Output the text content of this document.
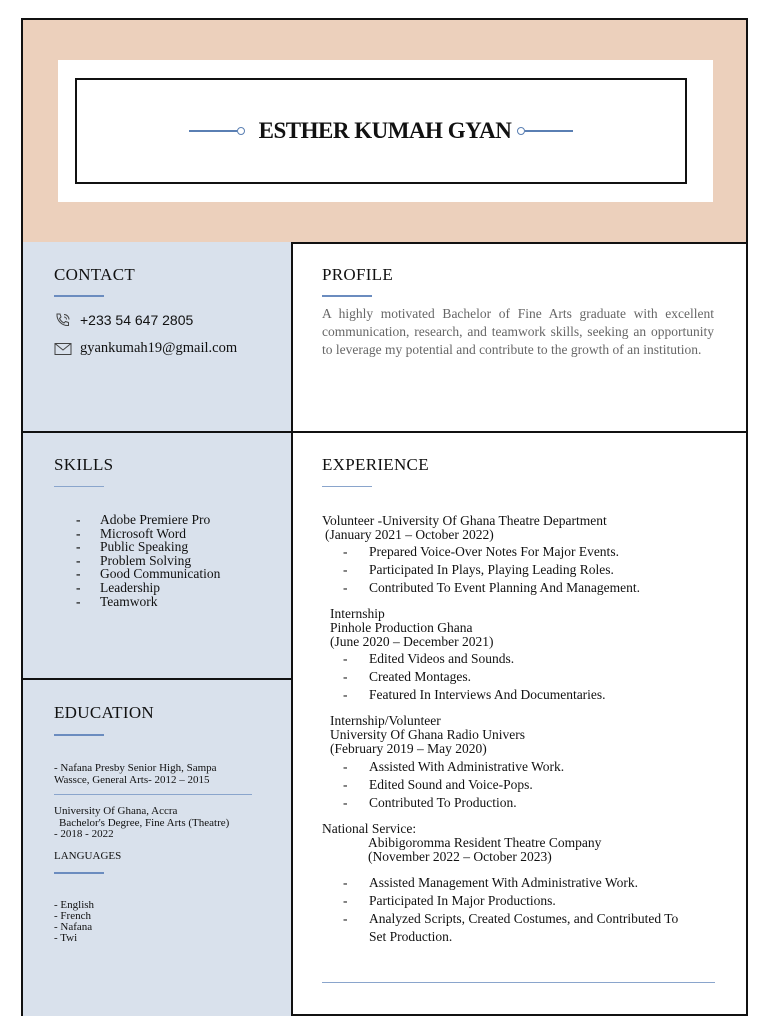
ESTHER KUMAH GYAN
CONTACT
+233 54 647 2805
gyankumah19@gmail.com
PROFILE
A highly motivated Bachelor of Fine Arts graduate with excellent communication, research, and teamwork skills, seeking an opportunity to leverage my potential and contribute to the growth of an institution.
SKILLS
-	Adobe Premiere Pro
-	Microsoft Word
-	Public Speaking
-	Problem Solving
-	Good Communication
-	Leadership
-	Teamwork
EDUCATION
- Nafana Presby Senior High, Sampa
Wassce, General Arts- 2012 – 2015
University Of Ghana, Accra
Bachelor's Degree, Fine Arts (Theatre)
- 2018 - 2022
LANGUAGES
- English
- French
- Nafana
- Twi
EXPERIENCE
Volunteer -University Of Ghana Theatre Department
(January 2021 – October 2022)
-	Prepared Voice-Over Notes For Major Events.
-	Participated In Plays, Playing Leading Roles.
-	Contributed To Event Planning And Management.
Internship
Pinhole Production Ghana
(June 2020 – December 2021)
-	Edited Videos and Sounds.
-	Created Montages.
-	Featured In Interviews And Documentaries.
Internship/Volunteer
University Of Ghana Radio Univers
(February 2019 – May 2020)
-	Assisted With Administrative Work.
-	Edited Sound and Voice-Pops.
-	Contributed To Production.
National Service:
Abibigoromma Resident Theatre Company
(November 2022 – October 2023)
-	Assisted Management With Administrative Work.
-	Participated In Major Productions.
-	Analyzed Scripts, Created Costumes, and Contributed To
Set Production.
